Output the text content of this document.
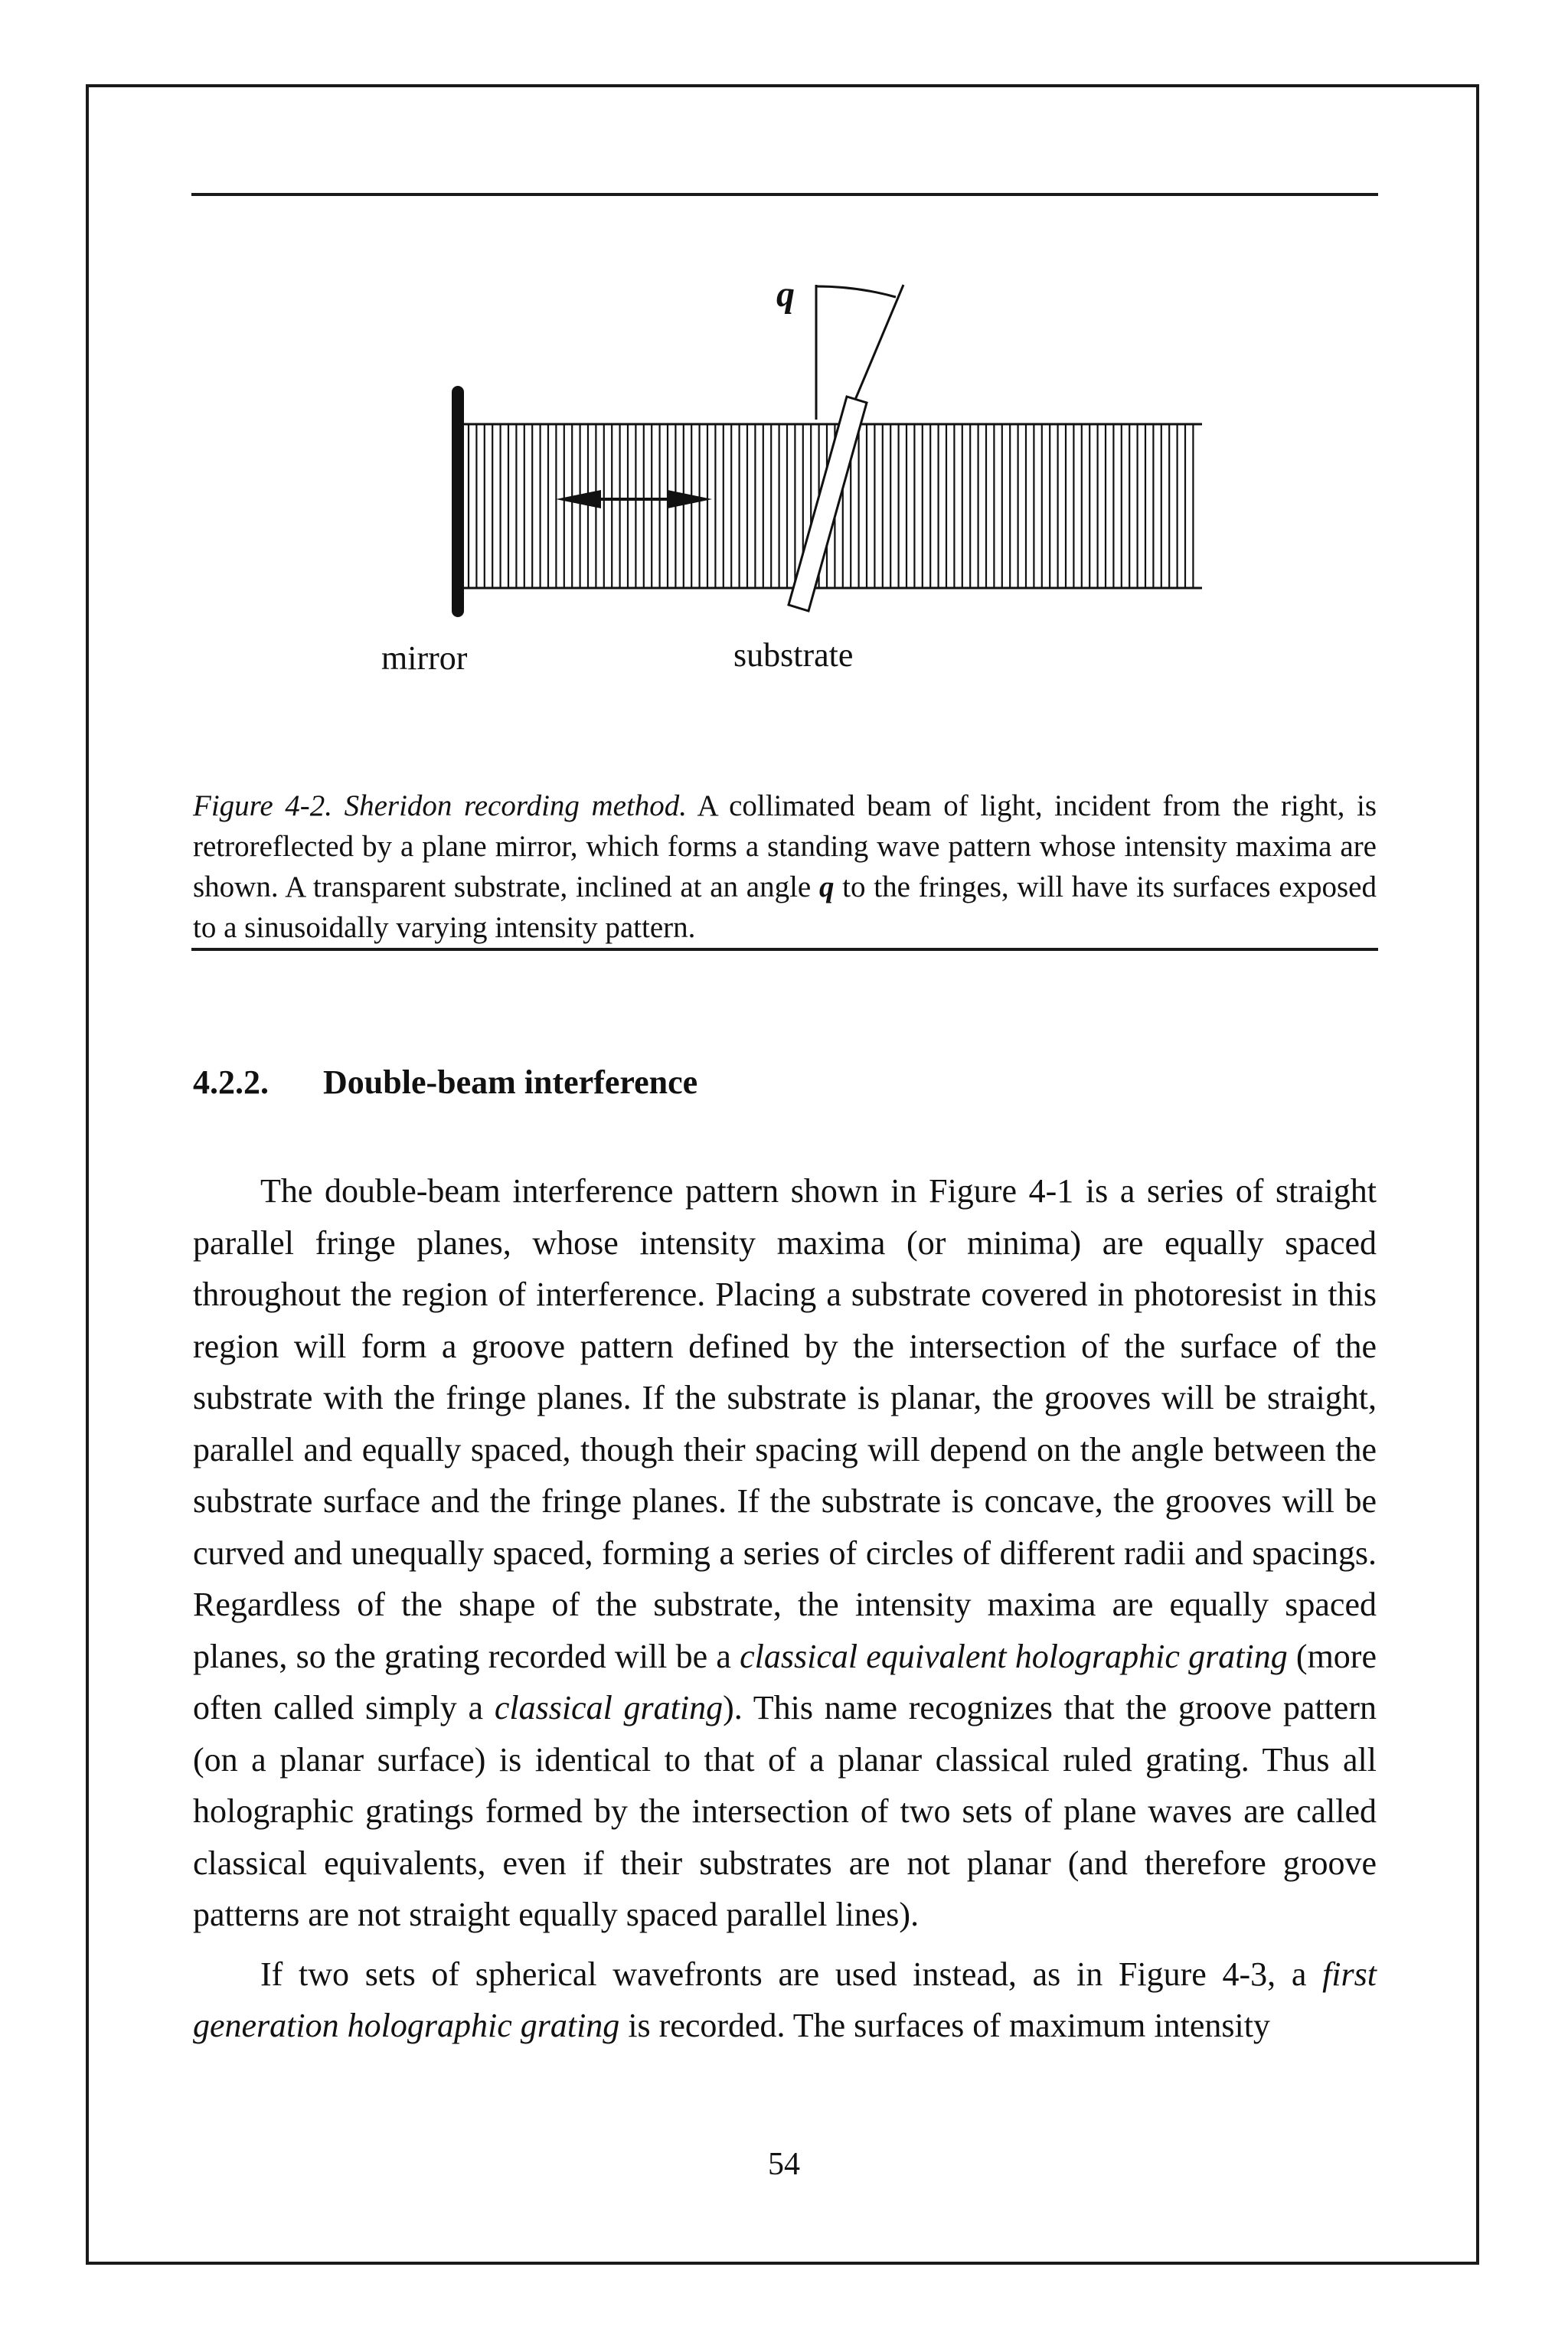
q
mirror	substrate

Figure 4-2. Sheridon recording method. A collimated beam of light, incident from the right, is retroreflected by a plane mirror, which forms a standing wave pattern whose intensity maxima are shown. A transparent substrate, inclined at an angle q to the fringes, will have its surfaces exposed to a sinusoidally varying intensity pattern.

4.2.2. Double-beam interference

The double-beam interference pattern shown in Figure 4-1 is a series of straight parallel fringe planes, whose intensity maxima (or minima) are equally spaced throughout the region of interference. Placing a substrate covered in photoresist in this region will form a groove pattern defined by the intersection of the surface of the substrate with the fringe planes. If the substrate is planar, the grooves will be straight, parallel and equally spaced, though their spacing will depend on the angle between the substrate surface and the fringe planes. If the substrate is concave, the grooves will be curved and unequally spaced, forming a series of circles of different radii and spacings. Regardless of the shape of the substrate, the intensity maxima are equally spaced planes, so the grating recorded will be a classical equivalent holographic grating (more often called simply a classical grating). This name recognizes that the groove pattern (on a planar surface) is identical to that of a planar classical ruled grating. Thus all holographic gratings formed by the intersection of two sets of plane waves are called classical equivalents, even if their substrates are not planar (and therefore groove patterns are not straight equally spaced parallel lines).

If two sets of spherical wavefronts are used instead, as in Figure 4-3, a first generation holographic grating is recorded. The surfaces of maximum intensity

54
